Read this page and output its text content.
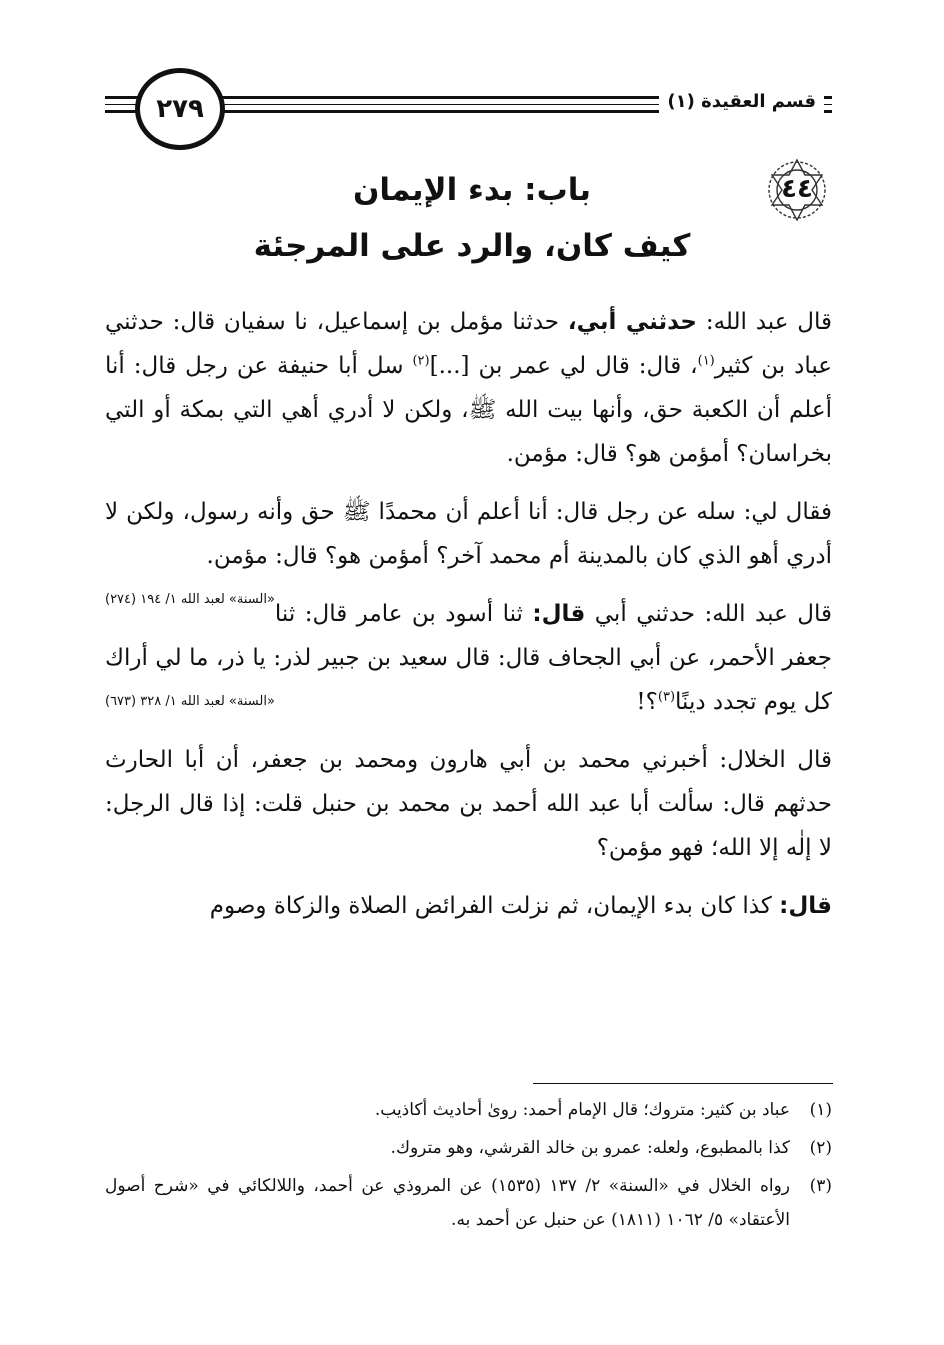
٢٧٩	قسم العقيدة (١)
٤٤
باب: بدء الإيمان
كيف كان، والرد على المرجئة

قال عبد الله: حدثني أبي، حدثنا مؤمل بن إسماعيل، نا سفيان قال: حدثني عباد بن كثير$^{(١)}$، قال: قال لي عمر بن [...]$^{(٢)}$ سل أبا حنيفة عن رجل قال: أنا أعلم أن الكعبة حق، وأنها بيت الله ﷺ، ولكن لا أدري أهي التي بمكة أو التي بخراسان؟ أمؤمن هو؟ قال: مؤمن.

فقال لي: سله عن رجل قال: أنا أعلم أن محمدًا ﷺ حق وأنه رسول، ولكن لا أدري أهو الذي كان بالمدينة أم محمد آخر؟ أمؤمن هو؟ قال: مؤمن.
«السنة» لعبد الله ١/ ١٩٤ (٢٧٤)

قال عبد الله: حدثني أبي قال: ثنا أسود بن عامر قال: ثنا جعفر الأحمر، عن أبي الجحاف قال: قال سعيد بن جبير لذر: يا ذر، ما لي أراك كل يوم تجدد دينًا$^{(٣)}$؟!
«السنة» لعبد الله ١/ ٣٢٨ (٦٧٣)

قال الخلال: أخبرني محمد بن أبي هارون ومحمد بن جعفر، أن أبا الحارث حدثهم قال: سألت أبا عبد الله أحمد بن محمد بن حنبل قلت: إذا قال الرجل: لا إلٰه إلا الله؛ فهو مؤمن؟

قال: كذا كان بدء الإيمان، ثم نزلت الفرائض الصلاة والزكاة وصوم

(١)
عباد بن كثير: متروك؛ قال الإمام أحمد: روىٰ أحاديث أكاذيب.
(٢)
كذا بالمطبوع، ولعله: عمرو بن خالد القرشي، وهو متروك.
(٣)
رواه الخلال في «السنة» ٢/ ١٣٧ (١٥٣٥) عن المروذي عن أحمد، واللالكائي في «شرح أصول الأعتقاد» ٥/ ١٠٦٢ (١٨١١) عن حنبل عن أحمد به.
